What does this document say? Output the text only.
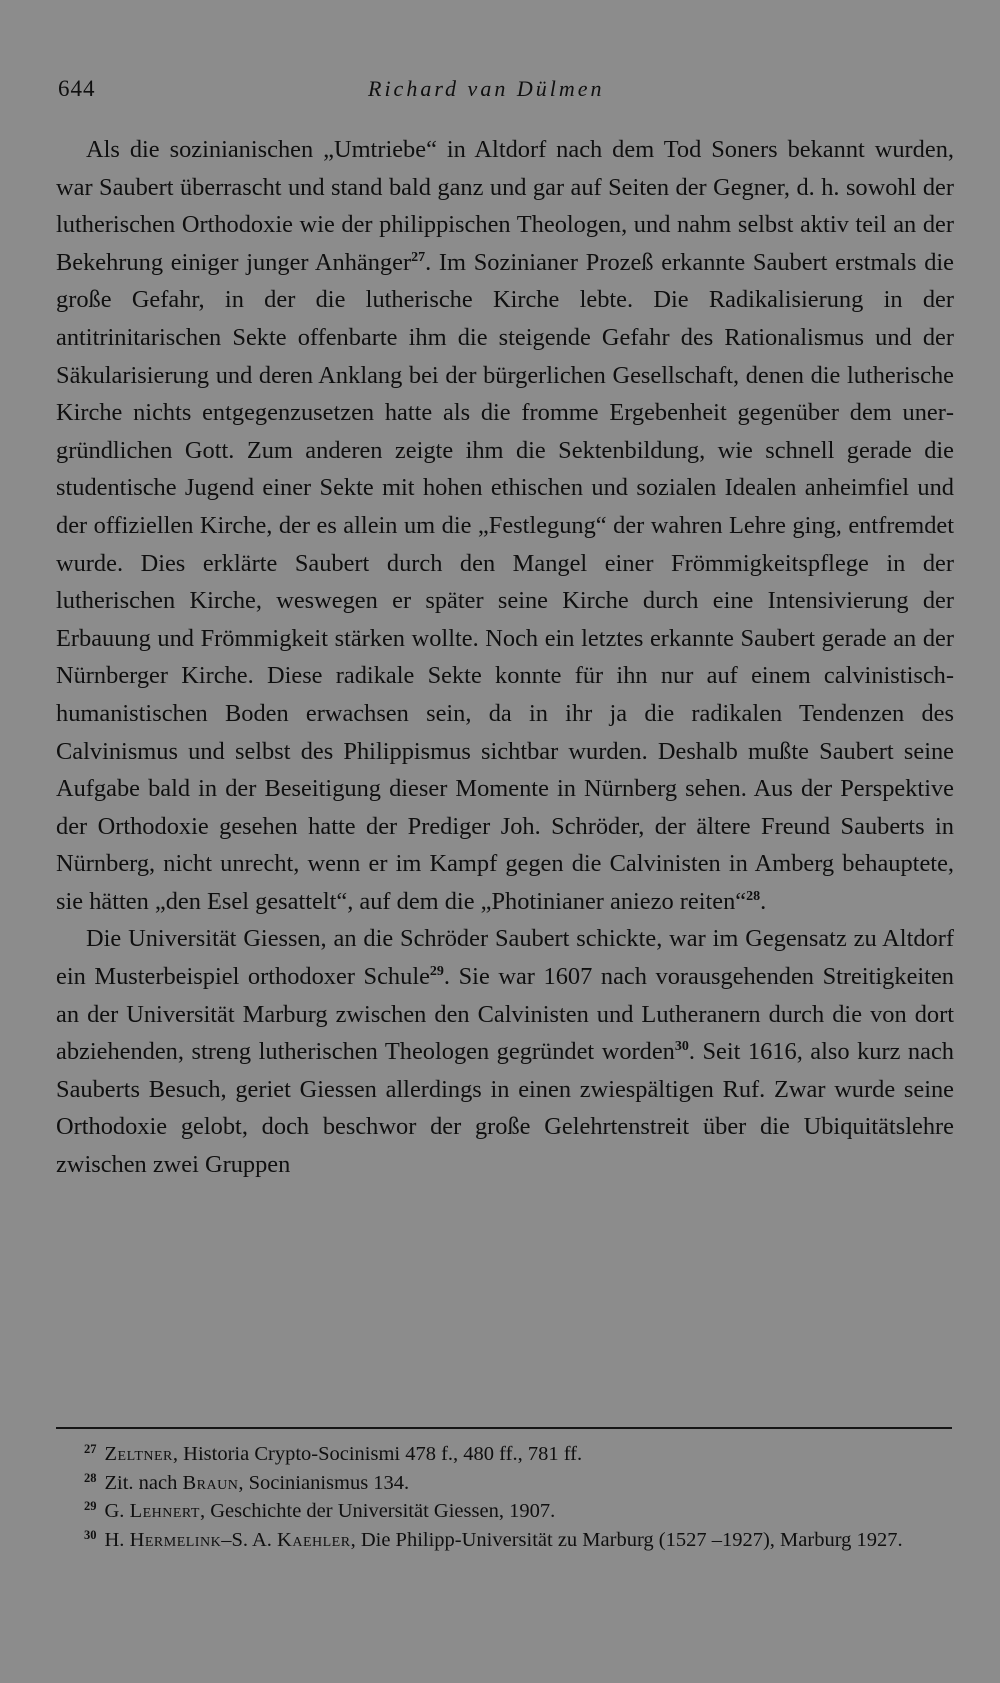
644	Richard van Dülmen

Als die sozinianischen „Umtriebe“ in Altdorf nach dem Tod Soners bekannt wurden, war Saubert überrascht und stand bald ganz und gar auf Seiten der Gegner, d. h. sowohl der lutherischen Orthodoxie wie der philippischen Theologen, und nahm selbst aktiv teil an der Bekehrung einiger junger Anhänger$^{27}$. Im Sozinianer Prozeß erkannte Saubert erstmals die große Gefahr, in der die lutherische Kirche lebte. Die Radikalisierung in der antitrinitarischen Sekte offenbarte ihm die steigende Gefahr des Rationalismus und der Säkularisierung und deren Anklang bei der bürgerlichen Gesellschaft, denen die lutherische Kirche nichts entgegenzusetzen hatte als die fromme Ergebenheit gegenüber dem unergründlichen Gott. Zum anderen zeigte ihm die Sektenbildung, wie schnell gerade die studentische Jugend einer Sekte mit hohen ethischen und sozialen Idealen anheimfiel und der offiziellen Kirche, der es allein um die „Festlegung“ der wahren Lehre ging, entfremdet wurde. Dies erklärte Saubert durch den Mangel einer Frömmigkeitspflege in der lutherischen Kirche, weswegen er später seine Kirche durch eine Intensivierung der Erbauung und Frömmigkeit stärken wollte. Noch ein letztes erkannte Saubert gerade an der Nürnberger Kirche. Diese radikale Sekte konnte für ihn nur auf einem calvinistisch-humanistischen Boden erwachsen sein, da in ihr ja die radikalen Tendenzen des Calvinismus und selbst des Philippismus sichtbar wurden. Deshalb mußte Saubert seine Aufgabe bald in der Beseitigung dieser Momente in Nürnberg sehen. Aus der Perspektive der Orthodoxie gesehen hatte der Prediger Joh. Schröder, der ältere Freund Sauberts in Nürnberg, nicht unrecht, wenn er im Kampf gegen die Calvinisten in Amberg behauptete, sie hätten „den Esel gesattelt“, auf dem die „Photinianer aniezo reiten“$^{28}$.

Die Universität Giessen, an die Schröder Saubert schickte, war im Gegensatz zu Altdorf ein Musterbeispiel orthodoxer Schule$^{29}$. Sie war 1607 nach vorausgehenden Streitigkeiten an der Universität Marburg zwischen den Calvinisten und Lutheranern durch die von dort abziehenden, streng lutherischen Theologen gegründet worden$^{30}$. Seit 1616, also kurz nach Sauberts Besuch, geriet Giessen allerdings in einen zwiespältigen Ruf. Zwar wurde seine Orthodoxie gelobt, doch beschwor der große Gelehrtenstreit über die Ubiquitätslehre zwischen zwei Gruppen

$^{27}$ Zeltner, Historia Crypto-Socinismi 478 f., 480 ff., 781 ff.

$^{28}$ Zit. nach Braun, Socinianismus 134.

$^{29}$ G. Lehnert, Geschichte der Universität Giessen, 1907.

$^{30}$ H. Hermelink–S. A. Kaehler, Die Philipp-Universität zu Marburg (1527 –1927), Marburg 1927.
